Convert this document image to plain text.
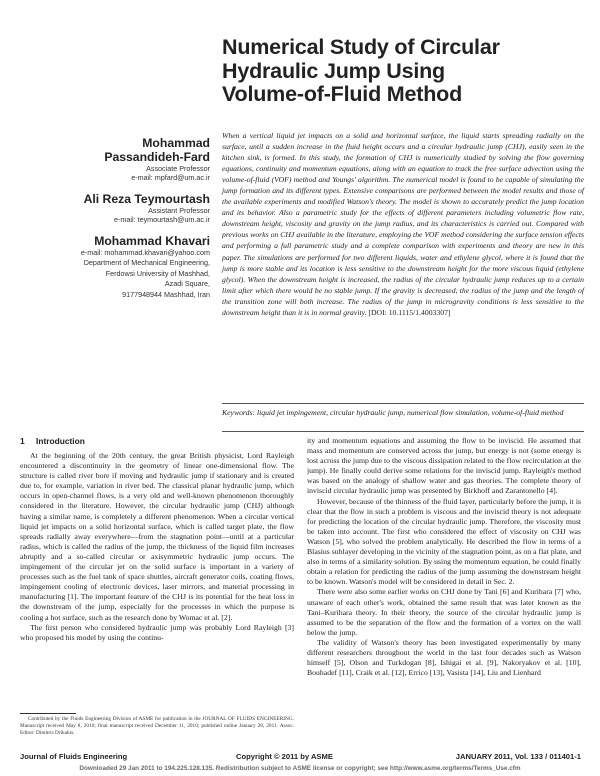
Numerical Study of Circular
Hydraulic Jump Using
Volume-of-Fluid Method
Mohammad
Passandideh-Fard
Associate Professor
e-mail: mpfard@um.ac.ir
Ali Reza Teymourtash
Assistant Professor
e-mail: teymourtash@um.ac.ir
Mohammad Khavari
e-mail: mohammad.khavari@yahoo.com
Department of Mechanical Engineering,
Ferdowsi University of Mashhad,
Azadi Square,
9177948944 Mashhad, Iran

When a vertical liquid jet impacts on a solid and horizontal surface, the liquid starts spreading radially on the surface, until a sudden increase in the fluid height occurs and a circular hydraulic jump (CHJ), easily seen in the kitchen sink, is formed. In this study, the formation of CHJ is numerically studied by solving the flow governing equations, continuity and momentum equations, along with an equation to track the free surface advection using the volume-of-fluid (VOF) method and Youngs' algorithm. The numerical model is found to be capable of simulating the jump formation and its different types. Extensive comparisons are performed between the model results and those of the available experiments and modified Watson's theory. The model is shown to accurately predict the jump location and its behavior. Also a parametric study for the effects of different parameters including volumetric flow rate, downstream height, viscosity and gravity on the jump radius, and its characteristics is carried out. Compared with previous works on CHJ available in the literature, employing the VOF method considering the surface tension effects and performing a full parametric study and a complete comparison with experiments and theory are new in this paper. The simulations are performed for two different liquids, water and ethylene glycol, where it is found that the jump is more stable and its location is less sensitive to the downstream height for the more viscous liquid (ethylene glycol). When the downstream height is increased, the radius of the circular hydraulic jump reduces up to a certain limit after which there would be no stable jump. If the gravity is decreased, the radius of the jump and the length of the transition zone will both increase. The radius of the jump in microgravity conditions is less sensitive to the downstream height than it is in normal gravity. [DOI: 10.1115/1.4003307]

Keywords: liquid jet impingement, circular hydraulic jump, numerical flow simulation, volume-of-fluid method

1 Introduction

At the beginning of the 20th century, the great British physicist, Lord Rayleigh encountered a discontinuity in the geometry of linear one-dimensional flow. The structure is called river bore if moving and hydraulic jump if stationary and is created due to, for example, variation in river bed. The classical planar hydraulic jump, which occurs in open-channel flows, is a very old and well-known phenomenon thoroughly considered in the literature. However, the circular hydraulic jump (CHJ) although having a similar name, is completely a different phenomenon. When a circular vertical liquid jet impacts on a solid horizontal surface, which is called target plate, the flow spreads radially away everywhere—from the stagnation point—until at a particular radius, which is called the radius of the jump, the thickness of the liquid film increases abruptly and a so-called circular or axisymmetric hydraulic jump occurs. The impingement of the circular jet on the solid surface is important in a variety of processes such as the fuel tank of space shuttles, aircraft generator coils, coating flows, impingement cooling of electronic devices, laser mirrors, and material processing in manufacturing [1]. The important feature of the CHJ is its potential for the heat loss in the downstream of the jump, especially for the processes in which the purpose is cooling a hot surface, such as the research done by Womac et al. [2].

The first person who considered hydraulic jump was probably Lord Rayleigh [3] who proposed his model by using the continu-

Contributed by the Fluids Engineering Division of ASME for publication in the JOURNAL OF FLUIDS ENGINEERING. Manuscript received May 8, 2010; final manuscript received December 11, 2010; published online January 28, 2011. Assoc. Editor: Dimitris Drikakis.

ity and momentum equations and assuming the flow to be inviscid. He assumed that mass and momentum are conserved across the jump, but energy is not (some energy is lost across the jump due to the viscous dissipation related to the flow recirculation at the jump). He finally could derive some relations for the inviscid jump. Rayleigh's method was based on the analogy of shallow water and gas theories. The complete theory of inviscid circular hydraulic jump was presented by Birkhoff and Zarantonello [4].

However, because of the thinness of the fluid layer, particularly before the jump, it is clear that the flow in such a problem is viscous and the inviscid theory is not adequate for predicting the location of the circular hydraulic jump. Therefore, the viscosity must be taken into account. The first who considered the effect of viscosity on CHJ was Watson [5], who solved the problem analytically. He described the flow in terms of a Blasius sublayer developing in the vicinity of the stagnation point, as on a flat plate, and also in terms of a similarity solution. By using the momentum equation, he could finally obtain a relation for predicting the radius of the jump assuming the downstream height to be known. Watson's model will be considered in detail in Sec. 2.

There were also some earlier works on CHJ done by Tani [6] and Kurihara [7] who, unaware of each other's work, obtained the same result that was later known as the Tani–Kurihara theory. In their theory, the source of the circular hydraulic jump is assumed to be the separation of the flow and the formation of a vortex on the wall below the jump.

The validity of Watson's theory has been investigated experimentally by many different researchers throughout the world in the last four decades such as Watson himself [5], Olson and Turkdogan [8], Ishigai et al. [9], Nakoryakov et al. [10], Bouhadef [11], Craik et al. [12], Errico [13], Vasista [14], Liu and Lienhard

Journal of Fluids Engineering	Copyright © 2011 by ASME	JANUARY 2011, Vol. 133 / 011401-1
Downloaded 29 Jan 2011 to 194.225.128.135. Redistribution subject to ASME license or copyright; see http://www.asme.org/terms/Terms_Use.cfm
